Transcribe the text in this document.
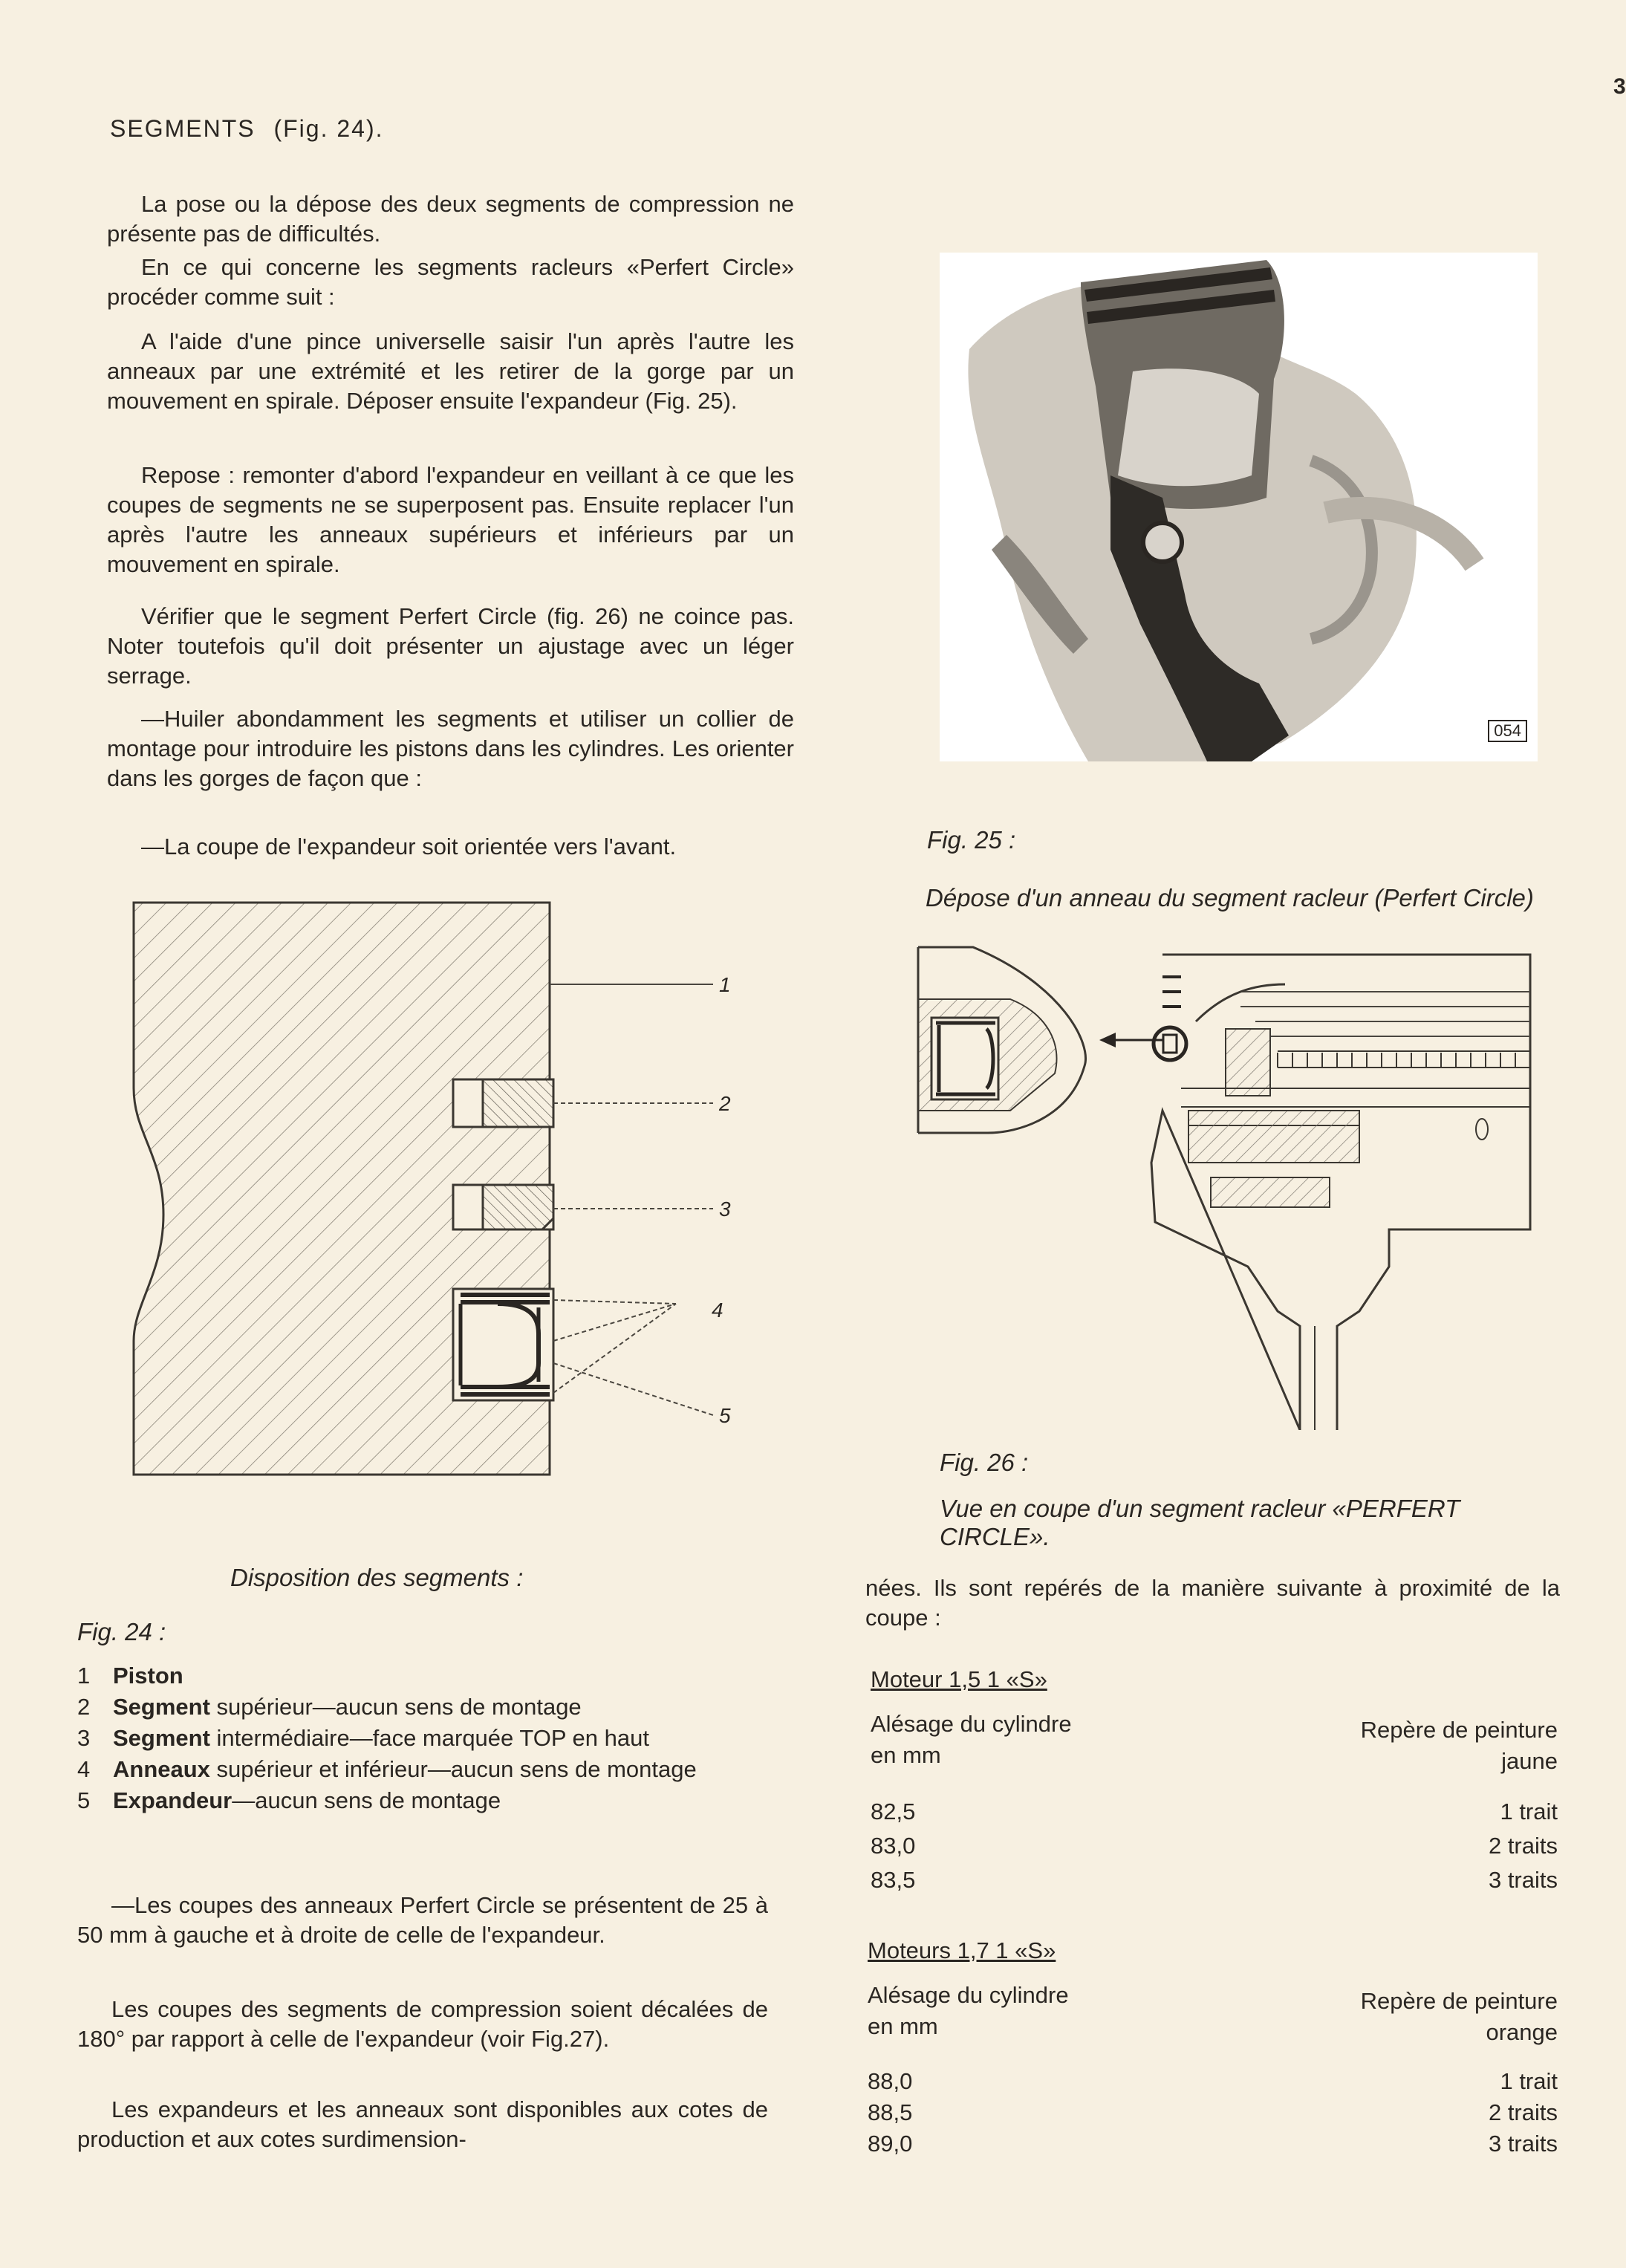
3
SEGMENTS (Fig. 24).
La pose ou la dépose des deux segments de compression ne présente pas de difficultés.
En ce qui concerne les segments racleurs «Perfert Circle» procéder comme suit :
A l'aide d'une pince universelle saisir l'un après l'autre les anneaux par une extrémité et les retirer de la gorge par un mouvement en spirale. Déposer ensuite l'expandeur (Fig. 25).
Repose : remonter d'abord l'expandeur en veillant à ce que les coupes de segments ne se superposent pas. Ensuite replacer l'un après l'autre les anneaux supérieurs et inférieurs par un mouvement en spirale.
Vérifier que le segment Perfert Circle (fig. 26) ne coince pas. Noter toutefois qu'il doit présenter un ajustage avec un léger serrage.
—Huiler abondamment les segments et utiliser un collier de montage pour introduire les pistons dans les cylindres. Les orienter dans les gorges de façon que :
—La coupe de l'expandeur soit orientée vers l'avant.
1
2
3
4
5
Disposition des segments :
Fig. 24 :
1 Piston
2 Segment supérieur—aucun sens de montage
3 Segment intermédiaire—face marquée TOP en haut
4 Anneaux supérieur et inférieur—aucun sens de montage
5 Expandeur—aucun sens de montage
—Les coupes des anneaux Perfert Circle se présentent de 25 à 50 mm à gauche et à droite de celle de l'expandeur.
Les coupes des segments de compression soient décalées de 180° par rapport à celle de l'expandeur (voir Fig.27).
Les expandeurs et les anneaux sont disponibles aux cotes de production et aux cotes surdimension-
054
Fig. 25 :
Dépose d'un anneau du segment racleur (Perfert Circle)
Fig. 26 :
Vue en coupe d'un segment racleur «PERFERT CIRCLE».
nées. Ils sont repérés de la manière suivante à proximité de la coupe :
Moteur 1,5 1 «S»
Alésage du cylindre en mm
Repère de peinture jaune
82,5	1 trait
83,0	2 traits
83,5	3 traits
Moteurs 1,7 1 «S»
Alésage du cylindre en mm
Repère de peinture orange
88,0	1 trait
88,5	2 traits
89,0	3 traits
